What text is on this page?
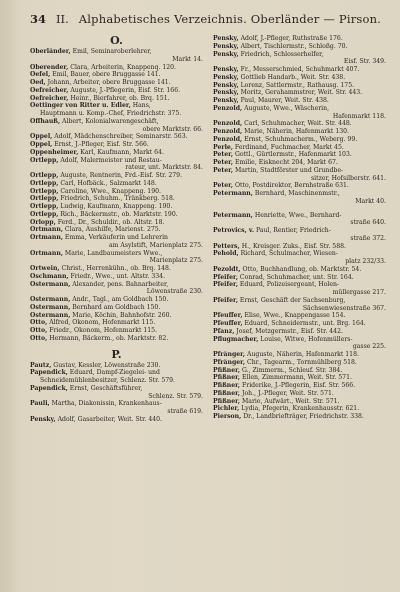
34 II. Alphabetisches Verzeichnis. Oberländer — Pirson.
O.
Oberländer, Emil, Seminaroberlehrer,
Markt 14.
Oberender, Clara, Arbeiterin, Knappenq. 120.
Oefel, Emil, Bauer, obere Bruggasse 141.
Oed, Johann, Arbeiter, obere Bruggasse 141.
Oefreicher, Auguste, J.-Pflegerin, Eisf. Str. 166.
Oefreicher, Heinr., Bierfahrer, ob. Brq. 151.
Oettinger von Ritter u. Edler, Hans,
Hauptmann u. Komp.-Chef, Friedrichstr. 375.
Offhauß, Albert, Kolonialwarengeschäft,
obere Marktstr. 66.
Oppel, Adolf, Mädchenschreiber, Seminarstr. 563.
Oppel, Ernst, J.-Pfleger, Eisf. Str. 566.
Oppenheimer, Karl, Kaufmann, Markt 64.
Ortlepp, Adolf, Malermeister und Restau-
rateur, unt. Marktstr. 84.
Ortlepp, Auguste, Rentnerin, Frd.-Eisf. Str. 279.
Ortlepp, Carl, Hofbäck., Salzmarkt 148.
Ortlepp, Caroline, Wwe., Knappeng. 190.
Ortlepp, Friedrich, Schuhm., Tränkberg. 518.
Ortlepp, Ludwig, Kaufmann, Knappeng. 190.
Ortlepp, Rich., Bäckermstr., ob. Marktstr. 190.
Orlopp, Ferd., Dr., Schuldir., ob. Altstr. 18.
Ortmann, Clara, Aushilfe, Marienst. 275.
Ortmann, Emma, Verkäuferin und Lehrerin
am Asylstift, Marienplatz 275.
Ortmann, Marie, Landbaumeisters Wwe.,
Marienplatz 275.
Ortwein, Christ., Herrenkühn., ob. Brq. 148.
Oschmann, Friedr., Wwe., unt. Altstr. 334.
Ostermann, Alexander, pens. Bahnarbeiter,
Löwenstraße 230.
Ostermann, Andr., Tagl., am Goldbach 150.
Ostermann, Bernhard am Goldbach 150.
Ostermann, Marie, Köchin, Bahnhofstr. 260.
Otto, Alfred, Ökonom, Hofenmarkt 115.
Otto, Friedr., Ökonom, Hofenmarkt 115.
Otto, Hermann, Bäckerm., ob. Marktstr. 82.
P.
Pautz, Gustav, Kessler, Löwenstraße 230.
Papendick, Eduard, Dampf-Ziegelei- und
Schneidemühlenbesitzer, Schlenz. Str. 579.
Papendick, Ernst, Geschäftsführer,
Schlenz. Str. 579.
Pauli, Martha, Diakonissin, Krankenhaus-
straße 619.
Pensky, Adolf, Gasarbeiter, Weit. Str. 440.
Pensky, Adolf, J.-Pfleger, Ruthstraße 176.
Pensky, Albert, Tischlermstr., Schloßg. 70.
Pensky, Friedrich, Schlosserhelfer,
Eisf. Str. 349.
Pensky, Fr., Messerschmied, Schuhmarkt 407.
Pensky, Gottlieb Handarb., Weit. Str. 438.
Pensky, Lorenz, Sattlermstr., Rathausg. 175.
Pensky, Moritz, Gerahammstrer, Weit. Str. 443.
Pensky, Paul, Maurer, Weit. Str. 438.
Penzold, Auguste, Wwe., Wäscherin,
Hafenmarkt 118.
Penzold, Carl, Schuhmacher, Weit. Str. 448.
Penzold, Marie, Näherin, Hafenmarkt 130.
Penzold, Ernst, Schuhmacherm., Weberg. 99.
Perle, Ferdinand, Fuchmacher, Markt 45.
Peter, Gottl., Gürtlermstr., Hafenmarkt 103.
Peter, Emilie, Eisknecht 204, Markt 67.
Peter, Martin, Stadtförster und Grundbe-
sitzer, Hofsilberstr. 641.
Peter, Otto, Postdirektor, Bernhstraße 631.
Petermann, Bernhard, Maschinenmstr.,
Markt 40.
Petermann, Henriette, Wwe., Bernhard-
straße 640.
Petrovics, v. Paul, Rentier, Friedrich-
straße 372.
Petters, H., Kreisger. Zuks., Eisf. Str. 588.
Pehold, Richard, Schulmacher, Wiesen-
platz 232/33.
Pezoldt, Otto, Buchhandlung, ob. Marktstr. 54.
Pfeifer, Conrad, Schuhmacher, unt. Str. 164.
Pfeifer, Eduard, Polizeisergeant, Holen-
müllergasse 217.
Pfeifer, Ernst, Geschäft der Sachsenburg,
Sächsenwiesenstraße 367.
Pfeuffer, Elise, Wwe., Knappengasse 154.
Pfeuffer, Eduard, Schneidermstr., unt. Brg. 164.
Pfanz, Josef, Metzgermstr., Eisf. Str. 442.
Pflugmacher, Louise, Witwe, Hofenmüllers-
gasse 225.
Pfränger, Auguste, Näherin, Hafenmarkt 118.
Pfränger, Chr., Tagearm., Tornmühlberg 518.
Pfißner, G., Zimmerm., Schleuf. Str. 384.
Pfißner, Ellen, Zimmermann, Weit. Str. 571.
Pfißner, Friderike, J.-Pflegerin, Eisf. Str. 566.
Pfißner, Joh., J.-Pfleger, Weit. Str. 571.
Pfißner, Marie, Aufwärt., Weit. Str. 571.
Pichler, Lydia, Pfegerin, Krankenhausstr. 621.
Pierson, Dr., Landbriefträger, Friedrichstr. 338.
